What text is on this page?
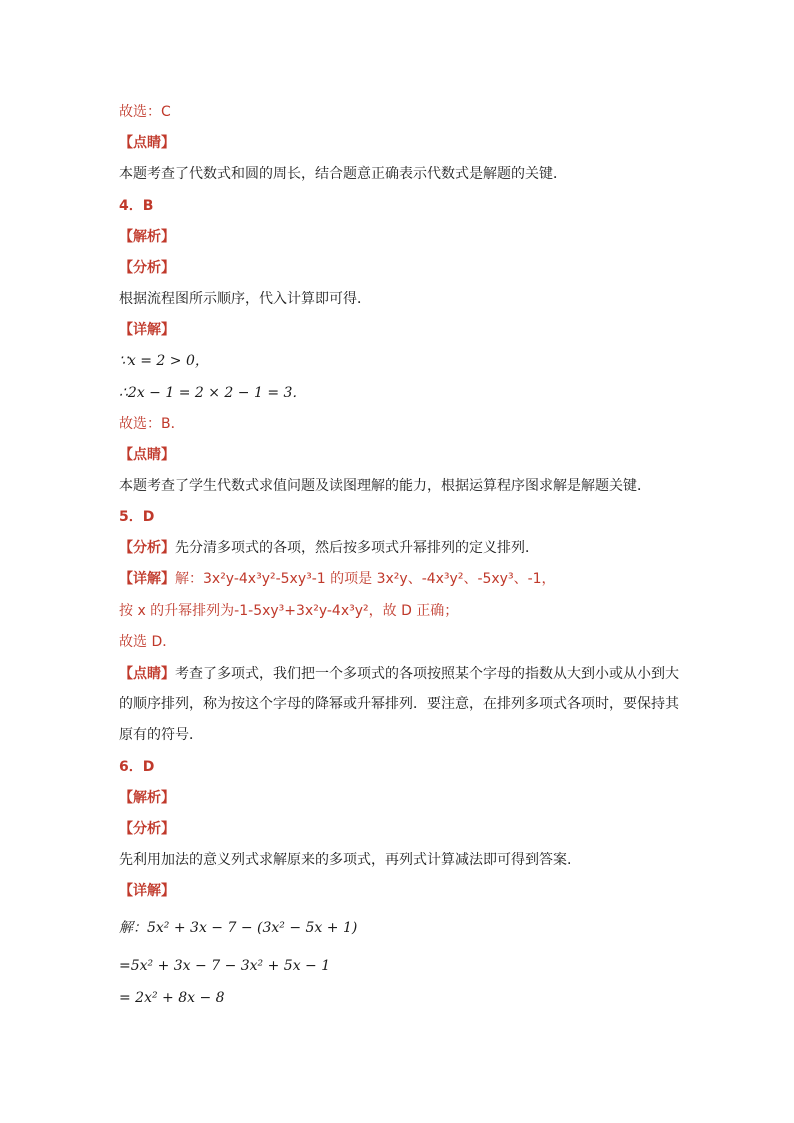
故选：C
【点睛】
本题考查了代数式和圆的周长，结合题意正确表示代数式是解题的关键．
4．B
【解析】
【分析】
根据流程图所示顺序，代入计算即可得．
【详解】
∵x = 2 > 0，
∴2x − 1 = 2 × 2 − 1 = 3．
故选：B．
【点睛】
本题考查了学生代数式求值问题及读图理解的能力，根据运算程序图求解是解题关键．
5．D
【分析】先分清多项式的各项，然后按多项式升幂排列的定义排列．
【详解】解：3x²y-4x³y²-5xy³-1 的项是 3x²y、-4x³y²、-5xy³、-1，
按 x 的升幂排列为-1-5xy³+3x²y-4x³y²，故 D 正确；
故选 D．
【点睛】考查了多项式，我们把一个多项式的各项按照某个字母的指数从大到小或从小到大
的顺序排列，称为按这个字母的降幂或升幂排列．要注意，在排列多项式各项时，要保持其
原有的符号．
6．D
【解析】
【分析】
先利用加法的意义列式求解原来的多项式，再列式计算减法即可得到答案.
【详解】
解：5x² + 3x − 7 − (3x² − 5x + 1)
=5x² + 3x − 7 − 3x² + 5x − 1
= 2x² + 8x − 8
